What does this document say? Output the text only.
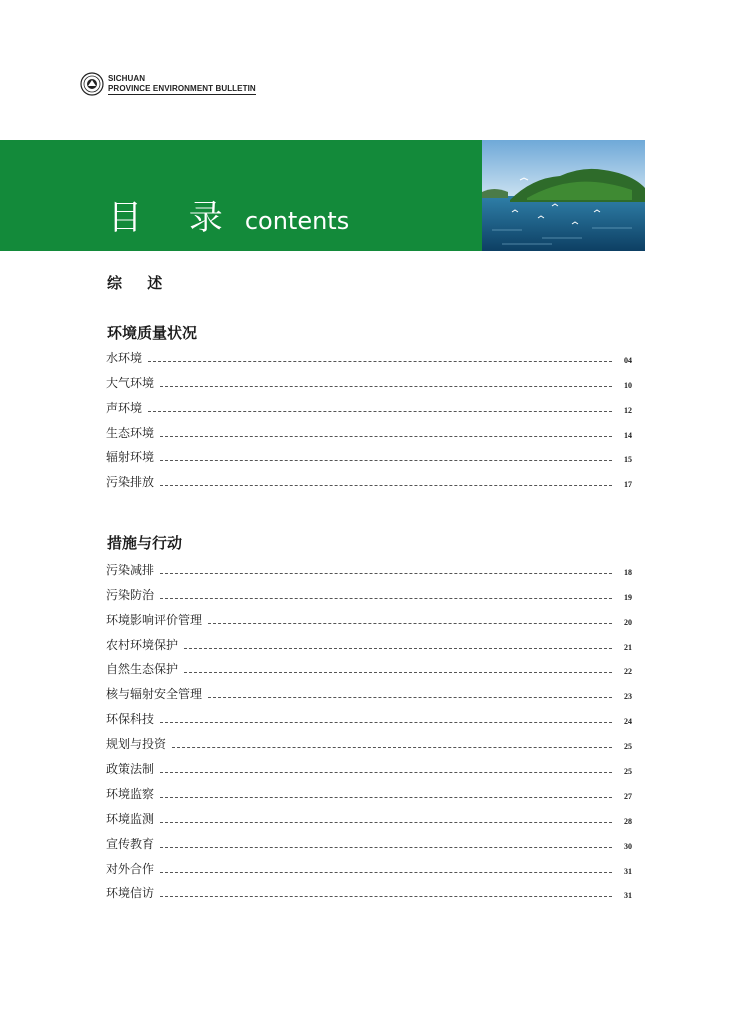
SICHUAN
PROVINCE ENVIRONMENT BULLETIN
目 录 contents
综 述
环境质量状况
水环境	04
大气环境	10
声环境	12
生态环境	14
辐射环境	15
污染排放	17
措施与行动
污染减排	18
污染防治	19
环境影响评价管理	20
农村环境保护	21
自然生态保护	22
核与辐射安全管理	23
环保科技	24
规划与投资	25
政策法制	25
环境监察	27
环境监测	28
宣传教育	30
对外合作	31
环境信访	31
